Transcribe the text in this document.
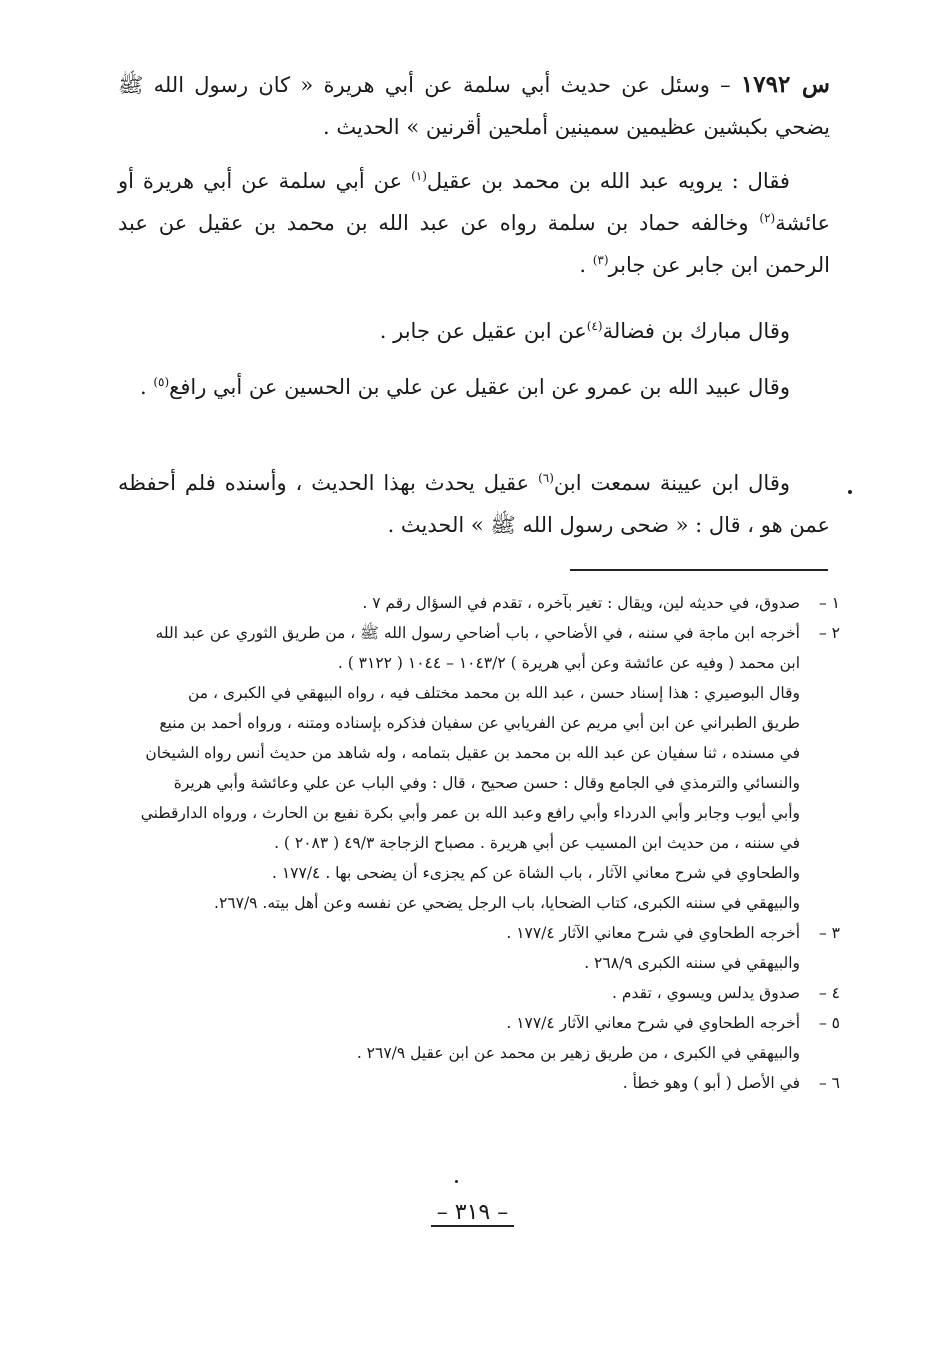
س ١٧٩٢ – وسئل عن حديث أبي سلمة عن أبي هريرة « كان رسول الله ﷺ يضحي بكبشين عظيمين سمينين أملحين أقرنين » الحديث .

فقال : يرويه عبد الله بن محمد بن عقيل$^{(١)}$ عن أبي سلمة عن أبي هريرة أو عائشة$^{(٢)}$ وخالفه حماد بن سلمة رواه عن عبد الله بن محمد بن عقيل عن عبد الرحمن ابن جابر عن جابر$^{(٣)}$ .

وقال مبارك بن فضالة$^{(٤)}$عن ابن عقيل عن جابر .

وقال عبيد الله بن عمرو عن ابن عقيل عن علي بن الحسين عن أبي رافع$^{(٥)}$ .

وقال ابن عيينة سمعت ابن$^{(٦)}$ عقيل يحدث بهذا الحديث ، وأسنده فلم أحفظه عمن هو ، قال : « ضحى رسول الله ﷺ » الحديث .

١ –
صدوق، في حديثه لين، ويقال : تغير بآخره ، تقدم في السؤال رقم ٧ .
٢ –
أخرجه ابن ماجة في سننه ، في الأضاحي ، باب أضاحي رسول الله ﷺ ، من طريق الثوري عن عبد الله
ابن محمد ( وفيه عن عائشة وعن أبي هريرة ) ١٠٤٣/٢ – ١٠٤٤ ( ٣١٢٢ ) .
وقال البوصيري : هذا إسناد حسن ، عبد الله بن محمد مختلف فيه ، رواه البيهقي في الكبرى ، من
طريق الطبراني عن ابن أبي مريم عن الفريابي عن سفيان فذكره بإسناده ومتنه ، ورواه أحمد بن منيع
في مسنده ، ثنا سفيان عن عبد الله بن محمد بن عقيل بتمامه ، وله شاهد من حديث أنس رواه الشيخان
والنسائي والترمذي في الجامع وقال : حسن صحيح ، قال : وفي الباب عن علي وعائشة وأبي هريرة
وأبي أيوب وجابر وأبي الدرداء وأبي رافع وعبد الله بن عمر وأبي بكرة نفيع بن الحارث ، ورواه الدارقطني
في سننه ، من حديث ابن المسيب عن أبي هريرة . مصباح الزجاجة ٤٩/٣ ( ٢٠٨٣ ) .
والطحاوي في شرح معاني الآثار ، باب الشاة عن كم يجزىء أن يضحى بها . ١٧٧/٤ .
والبيهقي في سننه الكبرى، كتاب الضحايا، باب الرجل يضحي عن نفسه وعن أهل بيته. ٢٦٧/٩.
٣ –
أخرجه الطحاوي في شرح معاني الآثار ١٧٧/٤ .
والبيهقي في سننه الكبرى ٢٦٨/٩ .
٤ –
صدوق يدلس ويسوي ، تقدم .
٥ –
أخرجه الطحاوي في شرح معاني الآثار ١٧٧/٤ .
والبيهقي في الكبرى ، من طريق زهير بن محمد عن ابن عقيل ٢٦٧/٩ .
٦ –
في الأصل ( أبو ) وهو خطأ .
– ٣١٩ –
